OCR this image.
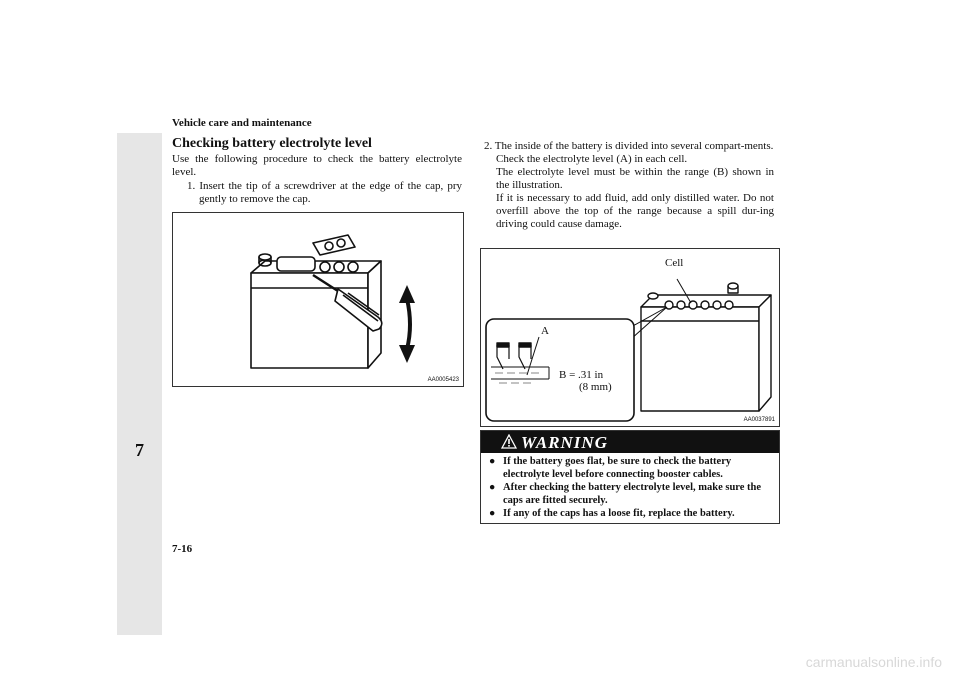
Vehicle care and maintenance
7
Checking battery electrolyte level
Use the following procedure to check the battery electrolyte level.
1. Insert the tip of a screwdriver at the edge of the cap, pry gently to remove the cap.
AA0005423

2. The inside of the battery is divided into several compart-ments.

Check the electrolyte level (A) in each cell.

The electrolyte level must be within the range (B) shown in the illustration.

If it is necessary to add fluid, add only distilled water. Do not overfill above the top of the range because a spill dur-ing driving could cause damage.

Cell
A
B = .31 in
(8 mm)
AA0037891
WARNING
● If the battery goes flat, be sure to check the battery electrolyte level before connecting booster cables.
● After checking the battery electrolyte level, make sure the caps are fitted securely.
● If any of the caps has a loose fit, replace the battery.
7-16
carmanualsonline.info
